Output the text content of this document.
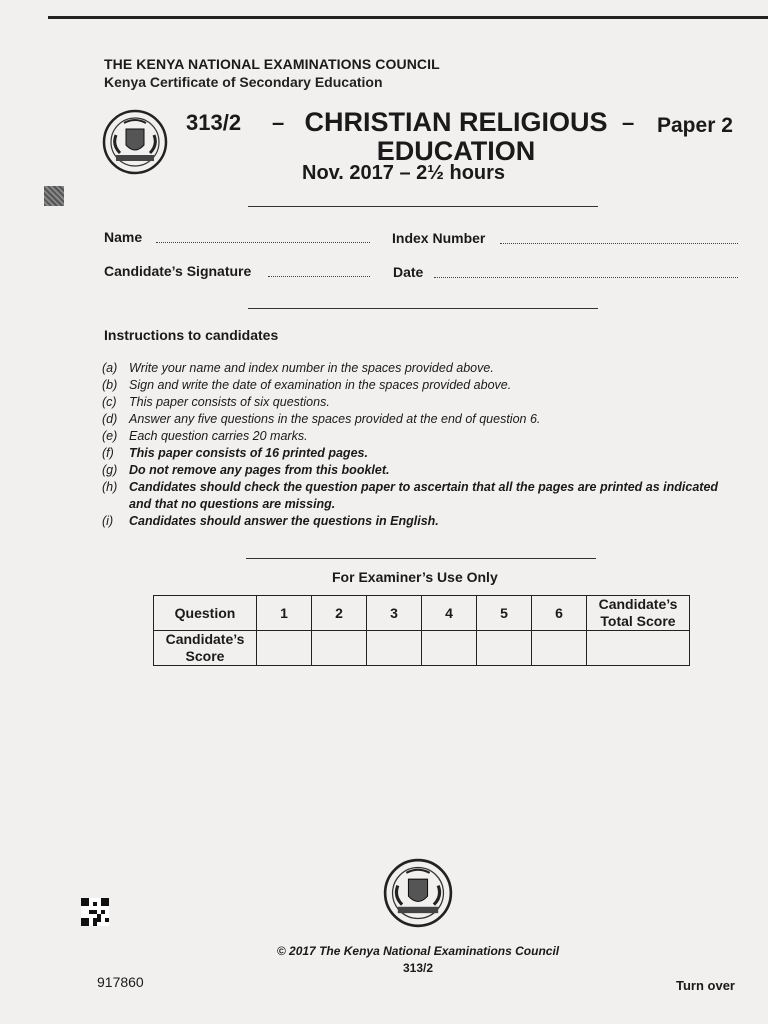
THE KENYA NATIONAL EXAMINATIONS COUNCIL
Kenya Certificate of Secondary Education
313/2 – CHRISTIAN RELIGIOUS EDUCATION
– Paper 2
Nov. 2017 – 2½ hours
Name	Index Number
Candidate’s Signature	Date
Instructions to candidates
(a) Write your name and index number in the spaces provided above.
(b) Sign and write the date of examination in the spaces provided above.
(c) This paper consists of six questions.
(d) Answer any five questions in the spaces provided at the end of question 6.
(e) Each question carries 20 marks.
(f)	This paper consists of 16 printed pages.
(g) Do not remove any pages from this booklet.
(h) Candidates should check the question paper to ascertain that all the pages are printed as indicated and that no questions are missing.
(i)	Candidates should answer the questions in English.
For Examiner’s Use Only
Question	1	2	3	4	5	6	Candidate’s Total Score
Candidate’s Score							
© 2017 The Kenya National Examinations Council
313/2
917860	Turn over
